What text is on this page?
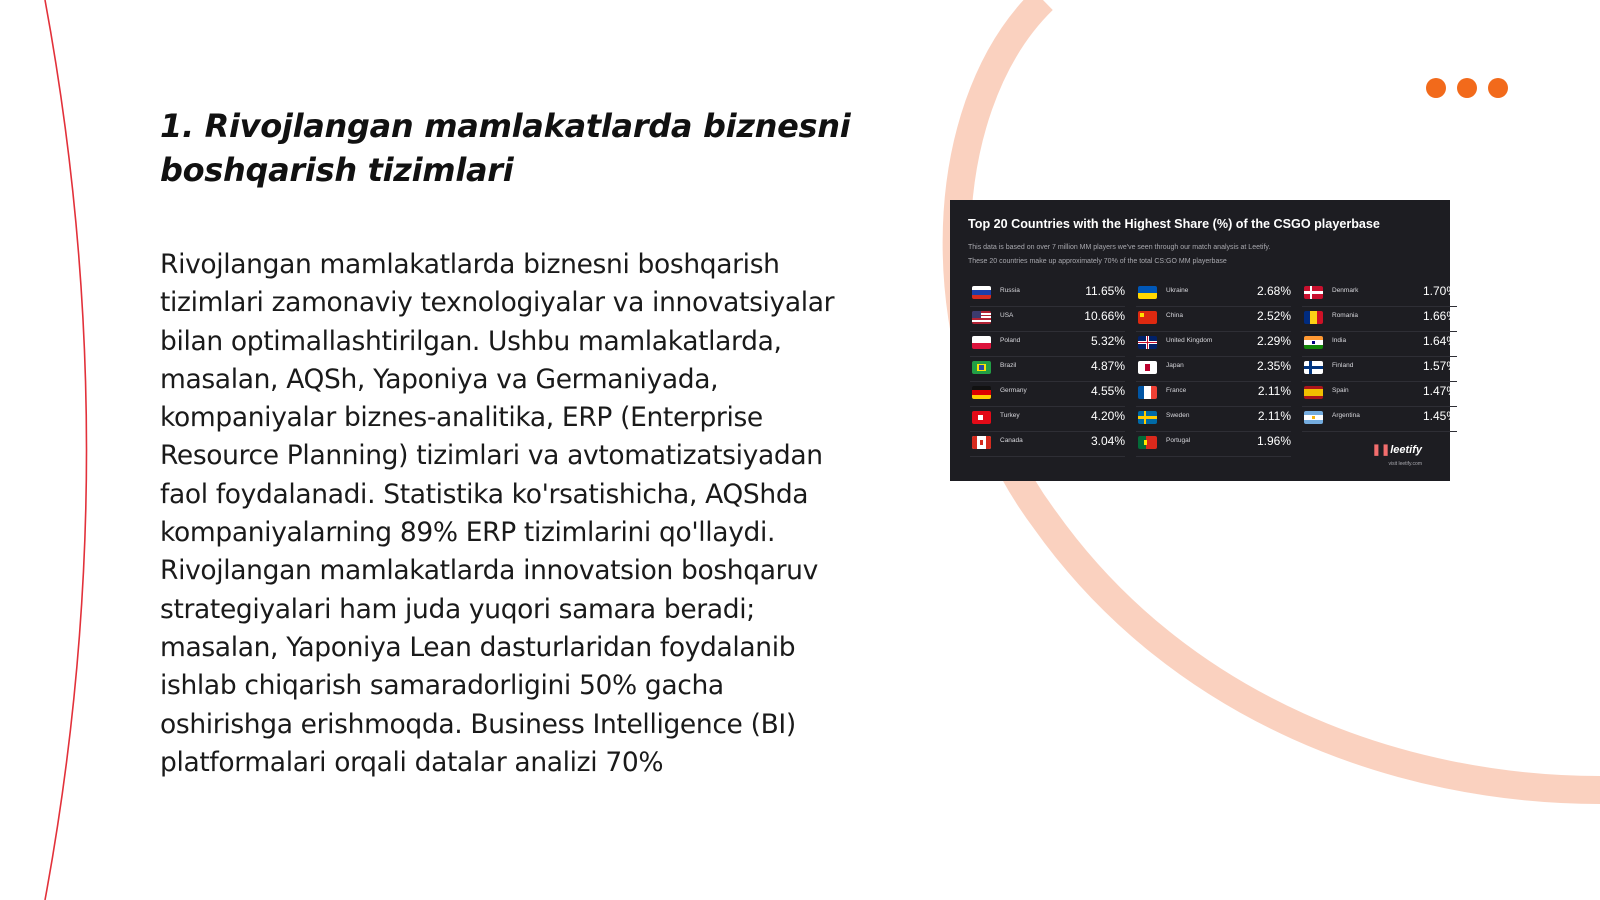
1. Rivojlangan mamlakatlarda biznesni boshqarish tizimlari

Rivojlangan mamlakatlarda biznesni boshqarish tizimlari zamonaviy texnologiyalar va innovatsiyalar bilan optimallashtirilgan. Ushbu mamlakatlarda, masalan, AQSh, Yaponiya va Germaniyada, kompaniyalar biznes-analitika, ERP (Enterprise Resource Planning) tizimlari va avtomatizatsiyadan faol foydalanadi. Statistika ko'rsatishicha, AQShda kompaniyalarning 89% ERP tizimlarini qo'llaydi. Rivojlangan mamlakatlarda innovatsion boshqaruv strategiyalari ham juda yuqori samara beradi; masalan, Yaponiya Lean dasturlaridan foydalanib ishlab chiqarish samaradorligini 50% gacha oshirishga erishmoqda. Business Intelligence (BI) platformalari orqali datalar analizi 70%

Top 20 Countries with the Highest Share (%) of the CSGO playerbase
This data is based on over 7 million MM players we've seen through our match analysis at Leetify.
These 20 countries make up approximately 70% of the total CS:GO MM playerbase
Russia	11.65%
USA	10.66%
Poland	5.32%
Brazil	4.87%
Germany	4.55%
Turkey	4.20%
Canada	3.04%
Ukraine	2.68%
China	2.52%
United Kingdom	2.29%
Japan	2.35%
France	2.11%
Sweden	2.11%
Portugal	1.96%
Denmark	1.70%
Romania	1.66%
India	1.64%
Finland	1.57%
Spain	1.47%
Argentina	1.45%
❚❚leetify
visit leetify.com
